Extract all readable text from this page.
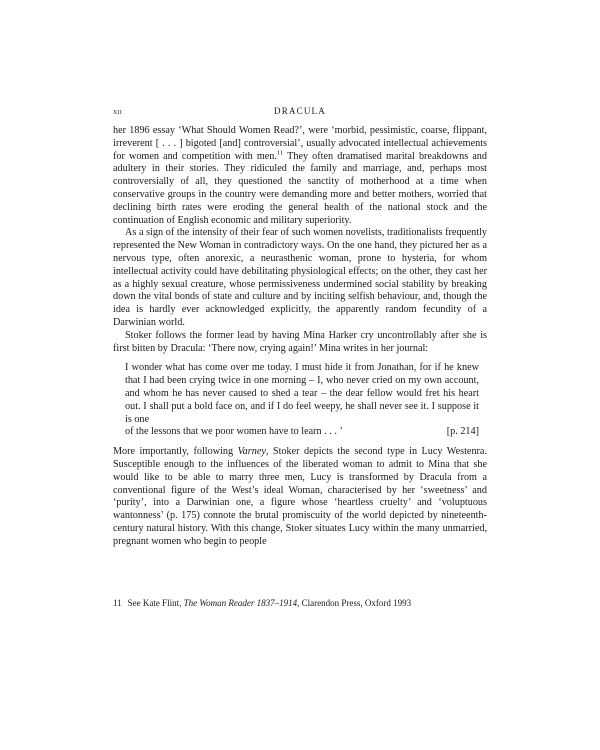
xii	DRACULA

her 1896 essay ‘What Should Women Read?’, were ‘morbid, pessimistic, coarse, flippant, irreverent [ . . . ] bigoted [and] controversial’, usually advocated intellectual achievements for women and competition with men.$^{11}$ They often dramatised marital breakdowns and adultery in their stories. They ridiculed the family and marriage, and, perhaps most controversially of all, they questioned the sanctity of motherhood at a time when conservative groups in the country were demanding more and better mothers, worried that declining birth rates were eroding the general health of the national stock and the continuation of English economic and military superiority.

As a sign of the intensity of their fear of such women novelists, traditionalists frequently represented the New Woman in contradictory ways. On the one hand, they pictured her as a nervous type, often anorexic, a neurasthenic woman, prone to hysteria, for whom intellectual activity could have debilitating physiological effects; on the other, they cast her as a highly sexual creature, whose permissiveness undermined social stability by breaking down the vital bonds of state and culture and by inciting selfish behaviour, and, though the idea is hardly ever acknowledged explicitly, the apparently random fecundity of a Darwinian world.

Stoker follows the former lead by having Mina Harker cry uncontrollably after she is first bitten by Dracula: ‘There now, crying again!’ Mina writes in her journal:

I wonder what has come over me today. I must hide it from Jonathan, for if he knew that I had been crying twice in one morning – I, who never cried on my own account, and whom he has never caused to shed a tear – the dear fellow would fret his heart out. I shall put a bold face on, and if I do feel weepy, he shall never see it. I suppose it is one
of the lessons that we poor women have to learn . . . ’	[p. 214]

More importantly, following Varney, Stoker depicts the second type in Lucy Westenra. Susceptible enough to the influences of the liberated woman to admit to Mina that she would like to be able to marry three men, Lucy is transformed by Dracula from a conventional figure of the West’s ideal Woman, characterised by her ‘sweetness’ and ‘purity’, into a Darwinian one, a figure whose ‘heartless cruelty’ and ‘voluptuous wantonness’ (p. 175) connote the brutal promiscuity of the world depicted by nineteenth-century natural history. With this change, Stoker situates Lucy within the many unmarried, pregnant women who begin to people

11 See Kate Flint, The Woman Reader 1837–1914, Clarendon Press, Oxford 1993
